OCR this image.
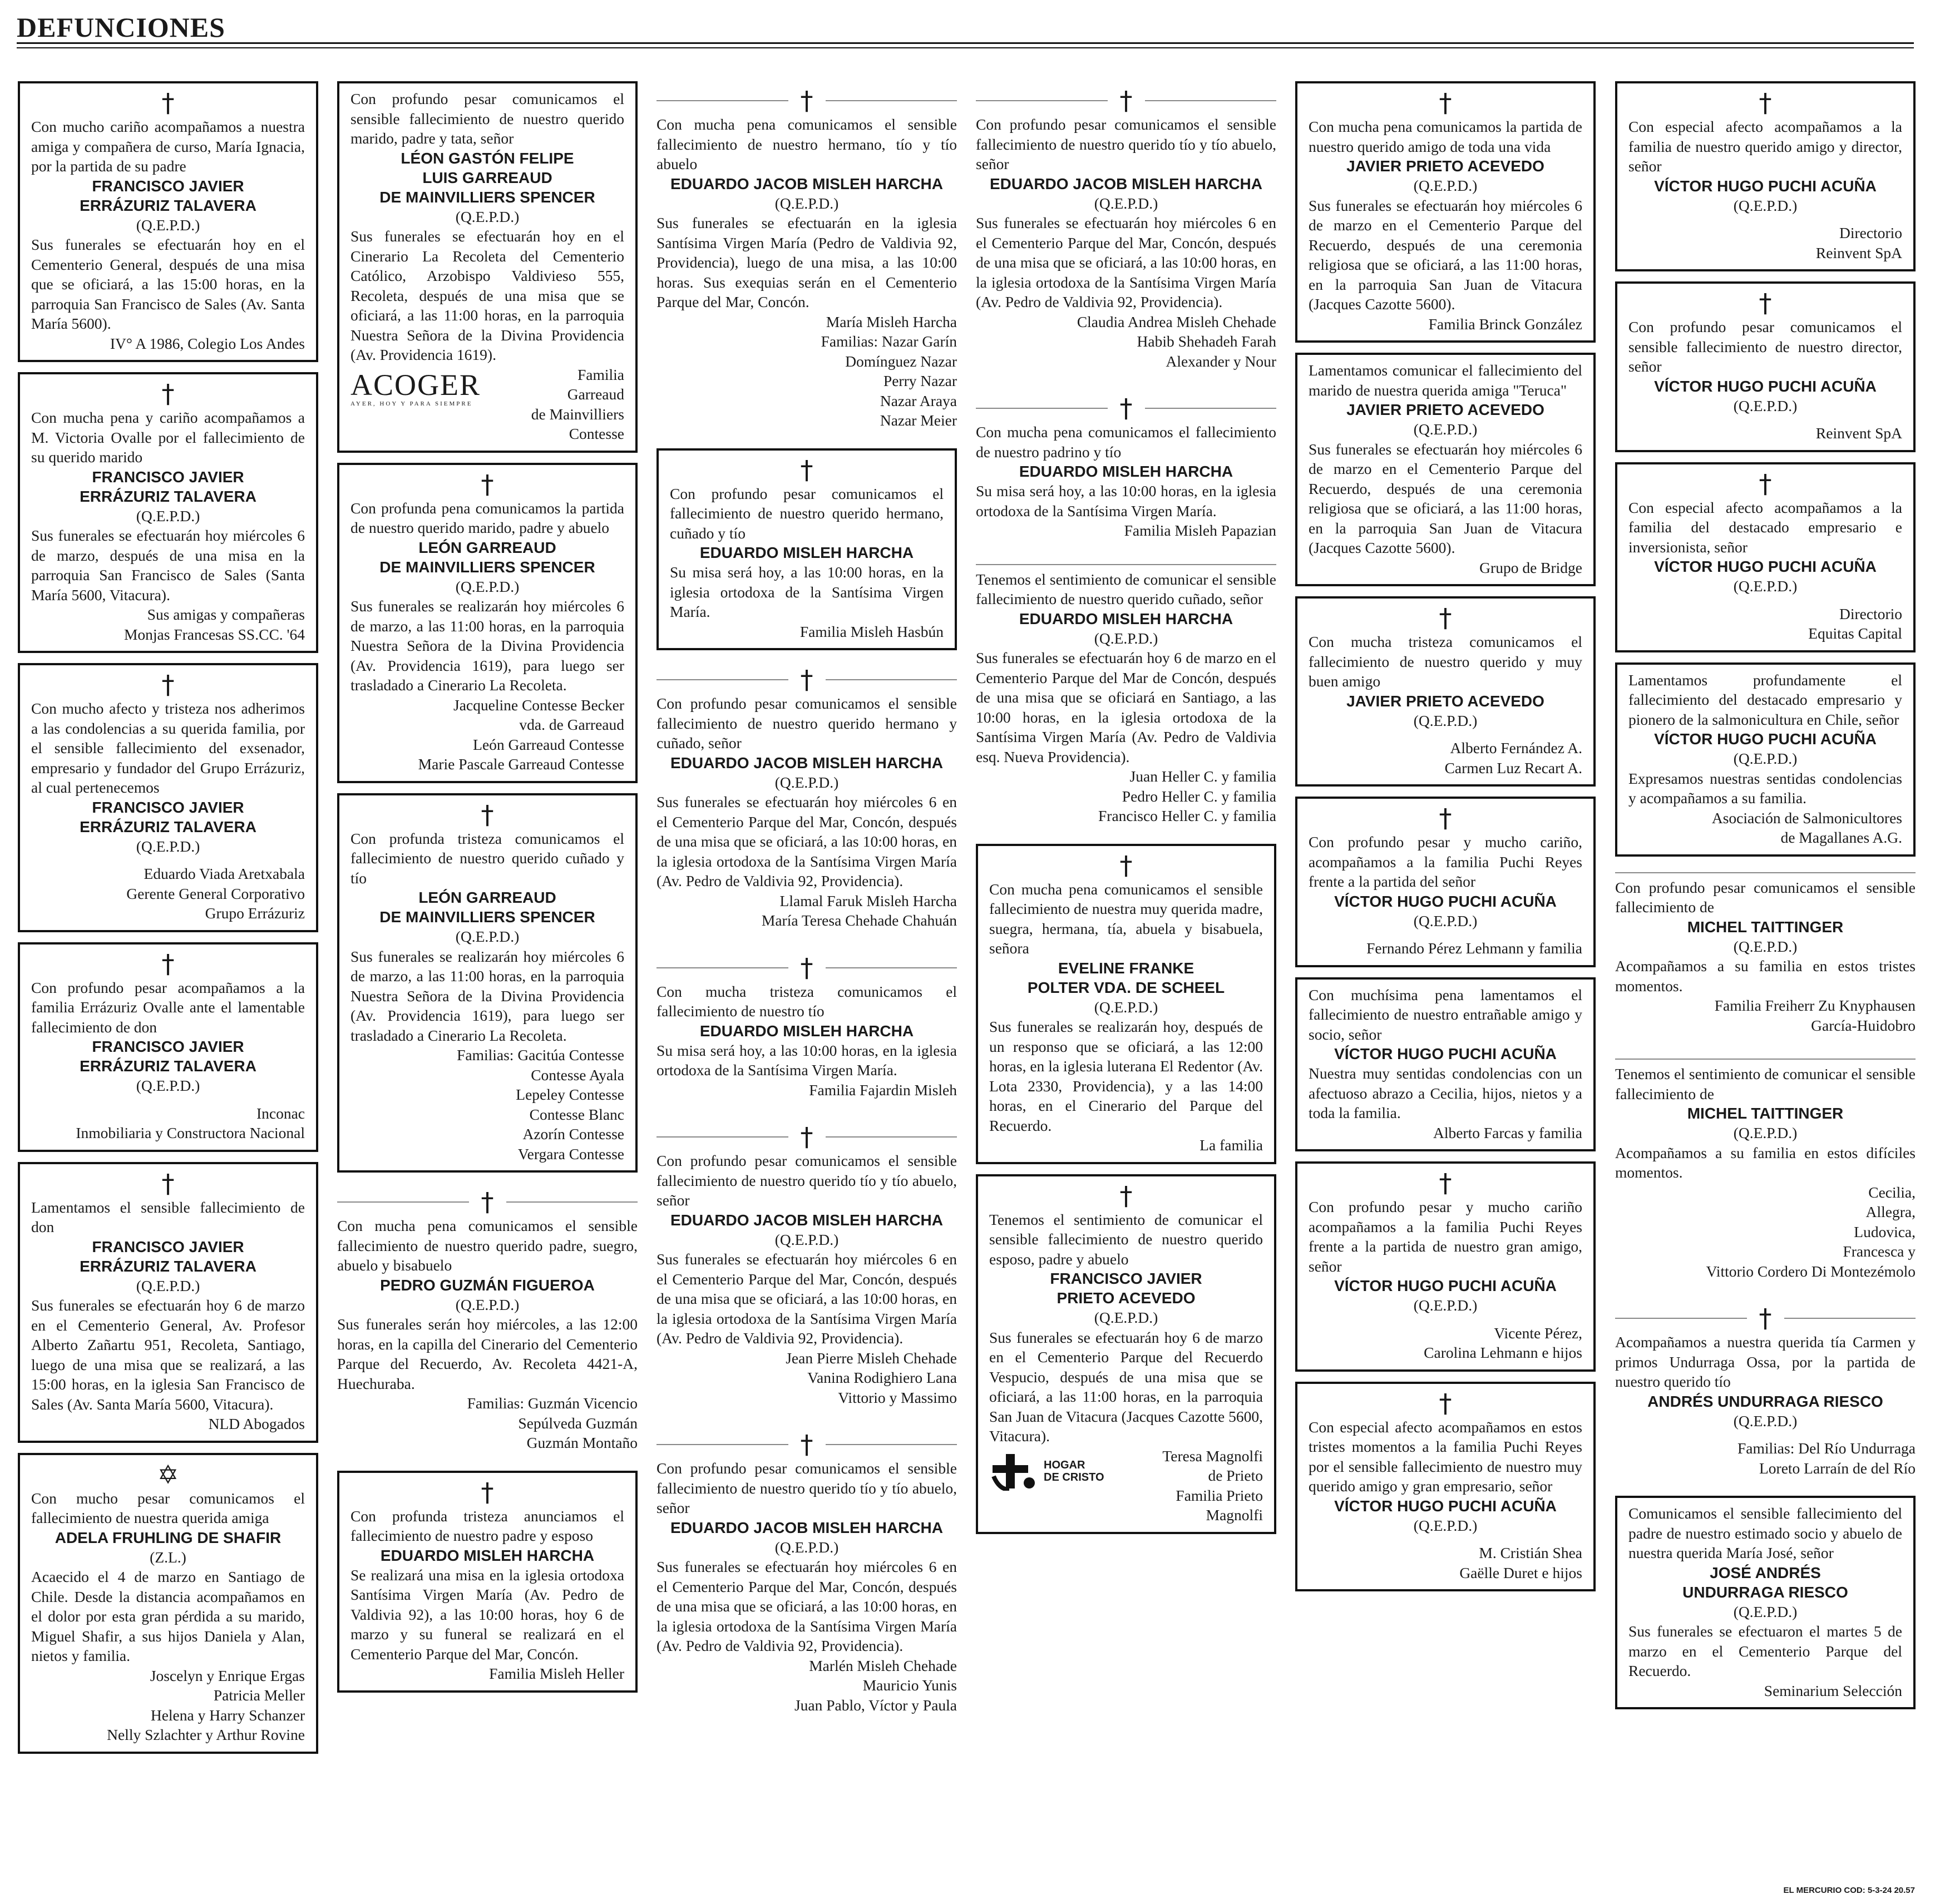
DEFUNCIONES
†

Con mucho cariño acompañamos a nuestra amiga y compañera de curso, María Ignacia, por la partida de su padre

FRANCISCO JAVIER
ERRÁZURIZ TALAVERA
(Q.E.P.D.)

Sus funerales se efectuarán hoy en el Cementerio General, después de una misa que se oficiará, a las 15:00 horas, en la parroquia San Francisco de Sales (Av. Santa María 5600).

IV° A 1986, Colegio Los Andes
†

Con mucha pena y cariño acompañamos a M. Victoria Ovalle por el fallecimiento de su querido marido

FRANCISCO JAVIER
ERRÁZURIZ TALAVERA
(Q.E.P.D.)

Sus funerales se efectuarán hoy miércoles 6 de marzo, después de una misa en la parroquia San Francisco de Sales (Santa María 5600, Vitacura).

Sus amigas y compañeras
Monjas Francesas SS.CC. '64
†

Con mucho afecto y tristeza nos adherimos a las condolencias a su querida familia, por el sensible fallecimiento del exsenador, empresario y fundador del Grupo Errázuriz, al cual pertenecemos

FRANCISCO JAVIER
ERRÁZURIZ TALAVERA
(Q.E.P.D.)
Eduardo Viada Aretxabala
Gerente General Corporativo
Grupo Errázuriz
†

Con profundo pesar acompañamos a la familia Errázuriz Ovalle ante el lamentable fallecimiento de don

FRANCISCO JAVIER
ERRÁZURIZ TALAVERA
(Q.E.P.D.)
Inconac
Inmobiliaria y Constructora Nacional
†

Lamentamos el sensible fallecimiento de don

FRANCISCO JAVIER
ERRÁZURIZ TALAVERA
(Q.E.P.D.)

Sus funerales se efectuarán hoy 6 de marzo en el Cementerio General, Av. Profesor Alberto Zañartu 951, Recoleta, Santiago, luego de una misa que se realizará, a las 15:00 horas, en la iglesia San Francisco de Sales (Av. Santa María 5600, Vitacura).

NLD Abogados
✡

Con mucho pesar comunicamos el fallecimiento de nuestra querida amiga

ADELA FRUHLING DE SHAFIR
(Z.L.)

Acaecido el 4 de marzo en Santiago de Chile. Desde la distancia acompañamos en el dolor por esta gran pérdida a su marido, Miguel Shafir, a sus hijos Daniela y Alan, nietos y familia.

Joscelyn y Enrique Ergas
Patricia Meller
Helena y Harry Schanzer
Nelly Szlachter y Arthur Rovine

Con profundo pesar comunicamos el sensible fallecimiento de nuestro querido marido, padre y tata, señor

LÉON GASTÓN FELIPE
LUIS GARREAUD
DE MAINVILLIERS SPENCER
(Q.E.P.D.)

Sus funerales se efectuarán hoy en el Cinerario La Recoleta del Cementerio Católico, Arzobispo Valdivieso 555, Recoleta, después de una misa que se oficiará, a las 11:00 horas, en la parroquia Nuestra Señora de la Divina Providencia (Av. Providencia 1619).

ACOGER
AYER, HOY Y PARA SIEMPRE
Familia
Garreaud
de Mainvilliers
Contesse
†

Con profunda pena comunicamos la partida de nuestro querido marido, padre y abuelo

LEÓN GARREAUD
DE MAINVILLIERS SPENCER
(Q.E.P.D.)

Sus funerales se realizarán hoy miércoles 6 de marzo, a las 11:00 horas, en la parroquia Nuestra Señora de la Divina Providencia (Av. Providencia 1619), para luego ser trasladado a Cinerario La Recoleta.

Jacqueline Contesse Becker
vda. de Garreaud
León Garreaud Contesse
Marie Pascale Garreaud Contesse
†

Con profunda tristeza comunicamos el fallecimiento de nuestro querido cuñado y tío

LEÓN GARREAUD
DE MAINVILLIERS SPENCER
(Q.E.P.D.)

Sus funerales se realizarán hoy miércoles 6 de marzo, a las 11:00 horas, en la parroquia Nuestra Señora de la Divina Providencia (Av. Providencia 1619), para luego ser trasladado a Cinerario La Recoleta.

Familias: Gacitúa Contesse
Contesse Ayala
Lepeley Contesse
Contesse Blanc
Azorín Contesse
Vergara Contesse
†

Con mucha pena comunicamos el sensible fallecimiento de nuestro querido padre, suegro, abuelo y bisabuelo

PEDRO GUZMÁN FIGUEROA
(Q.E.P.D.)

Sus funerales serán hoy miércoles, a las 12:00 horas, en la capilla del Cinerario del Cementerio Parque del Recuerdo, Av. Recoleta 4421-A, Huechuraba.

Familias: Guzmán Vicencio
Sepúlveda Guzmán
Guzmán Montaño
†

Con profunda tristeza anunciamos el fallecimiento de nuestro padre y esposo

EDUARDO MISLEH HARCHA

Se realizará una misa en la iglesia ortodoxa Santísima Virgen María (Av. Pedro de Valdivia 92), a las 10:00 horas, hoy 6 de marzo y su funeral se realizará en el Cementerio Parque del Mar, Concón.

Familia Misleh Heller
†

Con mucha pena comunicamos el sensible fallecimiento de nuestro hermano, tío y tío abuelo

EDUARDO JACOB MISLEH HARCHA
(Q.E.P.D.)

Sus funerales se efectuarán en la iglesia Santísima Virgen María (Pedro de Valdivia 92, Providencia), luego de una misa, a las 10:00 horas. Sus exequias serán en el Cementerio Parque del Mar, Concón.

María Misleh Harcha
Familias: Nazar Garín
Domínguez Nazar
Perry Nazar
Nazar Araya
Nazar Meier
†

Con profundo pesar comunicamos el fallecimiento de nuestro querido hermano, cuñado y tío

EDUARDO MISLEH HARCHA

Su misa será hoy, a las 10:00 horas, en la iglesia ortodoxa de la Santísima Virgen María.

Familia Misleh Hasbún
†

Con profundo pesar comunicamos el sensible fallecimiento de nuestro querido hermano y cuñado, señor

EDUARDO JACOB MISLEH HARCHA
(Q.E.P.D.)

Sus funerales se efectuarán hoy miércoles 6 en el Cementerio Parque del Mar, Concón, después de una misa que se oficiará, a las 10:00 horas, en la iglesia ortodoxa de la Santísima Virgen María (Av. Pedro de Valdivia 92, Providencia).

Llamal Faruk Misleh Harcha
María Teresa Chehade Chahuán
†

Con mucha tristeza comunicamos el fallecimiento de nuestro tío

EDUARDO MISLEH HARCHA

Su misa será hoy, a las 10:00 horas, en la iglesia ortodoxa de la Santísima Virgen María.

Familia Fajardin Misleh
†

Con profundo pesar comunicamos el sensible fallecimiento de nuestro querido tío y tío abuelo, señor

EDUARDO JACOB MISLEH HARCHA
(Q.E.P.D.)

Sus funerales se efectuarán hoy miércoles 6 en el Cementerio Parque del Mar, Concón, después de una misa que se oficiará, a las 10:00 horas, en la iglesia ortodoxa de la Santísima Virgen María (Av. Pedro de Valdivia 92, Providencia).

Jean Pierre Misleh Chehade
Vanina Rodighiero Lana
Vittorio y Massimo
†

Con profundo pesar comunicamos el sensible fallecimiento de nuestro querido tío y tío abuelo, señor

EDUARDO JACOB MISLEH HARCHA
(Q.E.P.D.)

Sus funerales se efectuarán hoy miércoles 6 en el Cementerio Parque del Mar, Concón, después de una misa que se oficiará, a las 10:00 horas, en la iglesia ortodoxa de la Santísima Virgen María (Av. Pedro de Valdivia 92, Providencia).

Marlén Misleh Chehade
Mauricio Yunis
Juan Pablo, Víctor y Paula
†

Con profundo pesar comunicamos el sensible fallecimiento de nuestro querido tío y tío abuelo, señor

EDUARDO JACOB MISLEH HARCHA
(Q.E.P.D.)

Sus funerales se efectuarán hoy miércoles 6 en el Cementerio Parque del Mar, Concón, después de una misa que se oficiará, a las 10:00 horas, en la iglesia ortodoxa de la Santísima Virgen María (Av. Pedro de Valdivia 92, Providencia).

Claudia Andrea Misleh Chehade
Habib Shehadeh Farah
Alexander y Nour
†

Con mucha pena comunicamos el fallecimiento de nuestro padrino y tío

EDUARDO MISLEH HARCHA

Su misa será hoy, a las 10:00 horas, en la iglesia ortodoxa de la Santísima Virgen María.

Familia Misleh Papazian

Tenemos el sentimiento de comunicar el sensible fallecimiento de nuestro querido cuñado, señor

EDUARDO MISLEH HARCHA
(Q.E.P.D.)

Sus funerales se efectuarán hoy 6 de marzo en el Cementerio Parque del Mar de Concón, después de una misa que se oficiará en Santiago, a las 10:00 horas, en la iglesia ortodoxa de la Santísima Virgen María (Av. Pedro de Valdivia esq. Nueva Providencia).

Juan Heller C. y familia
Pedro Heller C. y familia
Francisco Heller C. y familia
†

Con mucha pena comunicamos el sensible fallecimiento de nuestra muy querida madre, suegra, hermana, tía, abuela y bisabuela, señora

EVELINE FRANKE
POLTER VDA. DE SCHEEL
(Q.E.P.D.)

Sus funerales se realizarán hoy, después de un responso que se oficiará, a las 12:00 horas, en la iglesia luterana El Redentor (Av. Lota 2330, Providencia), y a las 14:00 horas, en el Cinerario del Parque del Recuerdo.

La familia
†

Tenemos el sentimiento de comunicar el sensible fallecimiento de nuestro querido esposo, padre y abuelo

FRANCISCO JAVIER
PRIETO ACEVEDO
(Q.E.P.D.)

Sus funerales se efectuarán hoy 6 de marzo en el Cementerio Parque del Recuerdo Vespucio, después de una misa que se oficiará, a las 11:00 horas, en la parroquia San Juan de Vitacura (Jacques Cazotte 5600, Vitacura).

HOGAR
DE CRISTO
Teresa Magnolfi
de Prieto
Familia Prieto
Magnolfi
†

Con mucha pena comunicamos la partida de nuestro querido amigo de toda una vida

JAVIER PRIETO ACEVEDO
(Q.E.P.D.)

Sus funerales se efectuarán hoy miércoles 6 de marzo en el Cementerio Parque del Recuerdo, después de una ceremonia religiosa que se oficiará, a las 11:00 horas, en la parroquia San Juan de Vitacura (Jacques Cazotte 5600).

Familia Brinck González

Lamentamos comunicar el fallecimiento del marido de nuestra querida amiga "Teruca"

JAVIER PRIETO ACEVEDO
(Q.E.P.D.)

Sus funerales se efectuarán hoy miércoles 6 de marzo en el Cementerio Parque del Recuerdo, después de una ceremonia religiosa que se oficiará, a las 11:00 horas, en la parroquia San Juan de Vitacura (Jacques Cazotte 5600).

Grupo de Bridge
†

Con mucha tristeza comunicamos el fallecimiento de nuestro querido y muy buen amigo

JAVIER PRIETO ACEVEDO
(Q.E.P.D.)
Alberto Fernández A.
Carmen Luz Recart A.
†

Con profundo pesar y mucho cariño, acompañamos a la familia Puchi Reyes frente a la partida del señor

VÍCTOR HUGO PUCHI ACUÑA
(Q.E.P.D.)
Fernando Pérez Lehmann y familia

Con muchísima pena lamentamos el fallecimiento de nuestro entrañable amigo y socio, señor

VÍCTOR HUGO PUCHI ACUÑA

Nuestra muy sentidas condolencias con un afectuoso abrazo a Cecilia, hijos, nietos y a toda la familia.

Alberto Farcas y familia
†

Con profundo pesar y mucho cariño acompañamos a la familia Puchi Reyes frente a la partida de nuestro gran amigo, señor

VÍCTOR HUGO PUCHI ACUÑA
(Q.E.P.D.)
Vicente Pérez,
Carolina Lehmann e hijos
†

Con especial afecto acompañamos en estos tristes momentos a la familia Puchi Reyes por el sensible fallecimiento de nuestro muy querido amigo y gran empresario, señor

VÍCTOR HUGO PUCHI ACUÑA
(Q.E.P.D.)
M. Cristián Shea
Gaëlle Duret e hijos
†

Con especial afecto acompañamos a la familia de nuestro querido amigo y director, señor

VÍCTOR HUGO PUCHI ACUÑA
(Q.E.P.D.)
Directorio
Reinvent SpA
†

Con profundo pesar comunicamos el sensible fallecimiento de nuestro director, señor

VÍCTOR HUGO PUCHI ACUÑA
(Q.E.P.D.)
Reinvent SpA
†

Con especial afecto acompañamos a la familia del destacado empresario e inversionista, señor

VÍCTOR HUGO PUCHI ACUÑA
(Q.E.P.D.)
Directorio
Equitas Capital

Lamentamos profundamente el fallecimiento del destacado empresario y pionero de la salmonicultura en Chile, señor

VÍCTOR HUGO PUCHI ACUÑA
(Q.E.P.D.)

Expresamos nuestras sentidas condolencias y acompañamos a su familia.

Asociación de Salmonicultores
de Magallanes A.G.

Con profundo pesar comunicamos el sensible fallecimiento de

MICHEL TAITTINGER
(Q.E.P.D.)

Acompañamos a su familia en estos tristes momentos.

Familia Freiherr Zu Knyphausen
García-Huidobro

Tenemos el sentimiento de comunicar el sensible fallecimiento de

MICHEL TAITTINGER
(Q.E.P.D.)

Acompañamos a su familia en estos difíciles momentos.

Cecilia,
Allegra,
Ludovica,
Francesca y
Vittorio Cordero Di Montezémolo
†

Acompañamos a nuestra querida tía Carmen y primos Undurraga Ossa, por la partida de nuestro querido tío

ANDRÉS UNDURRAGA RIESCO
(Q.E.P.D.)
Familias: Del Río Undurraga
Loreto Larraín de del Río

Comunicamos el sensible fallecimiento del padre de nuestro estimado socio y abuelo de nuestra querida María José, señor

JOSÉ ANDRÉS
UNDURRAGA RIESCO
(Q.E.P.D.)

Sus funerales se efectuaron el martes 5 de marzo en el Cementerio Parque del Recuerdo.

Seminarium Selección
EL MERCURIO COD: 5-3-24 20.57
